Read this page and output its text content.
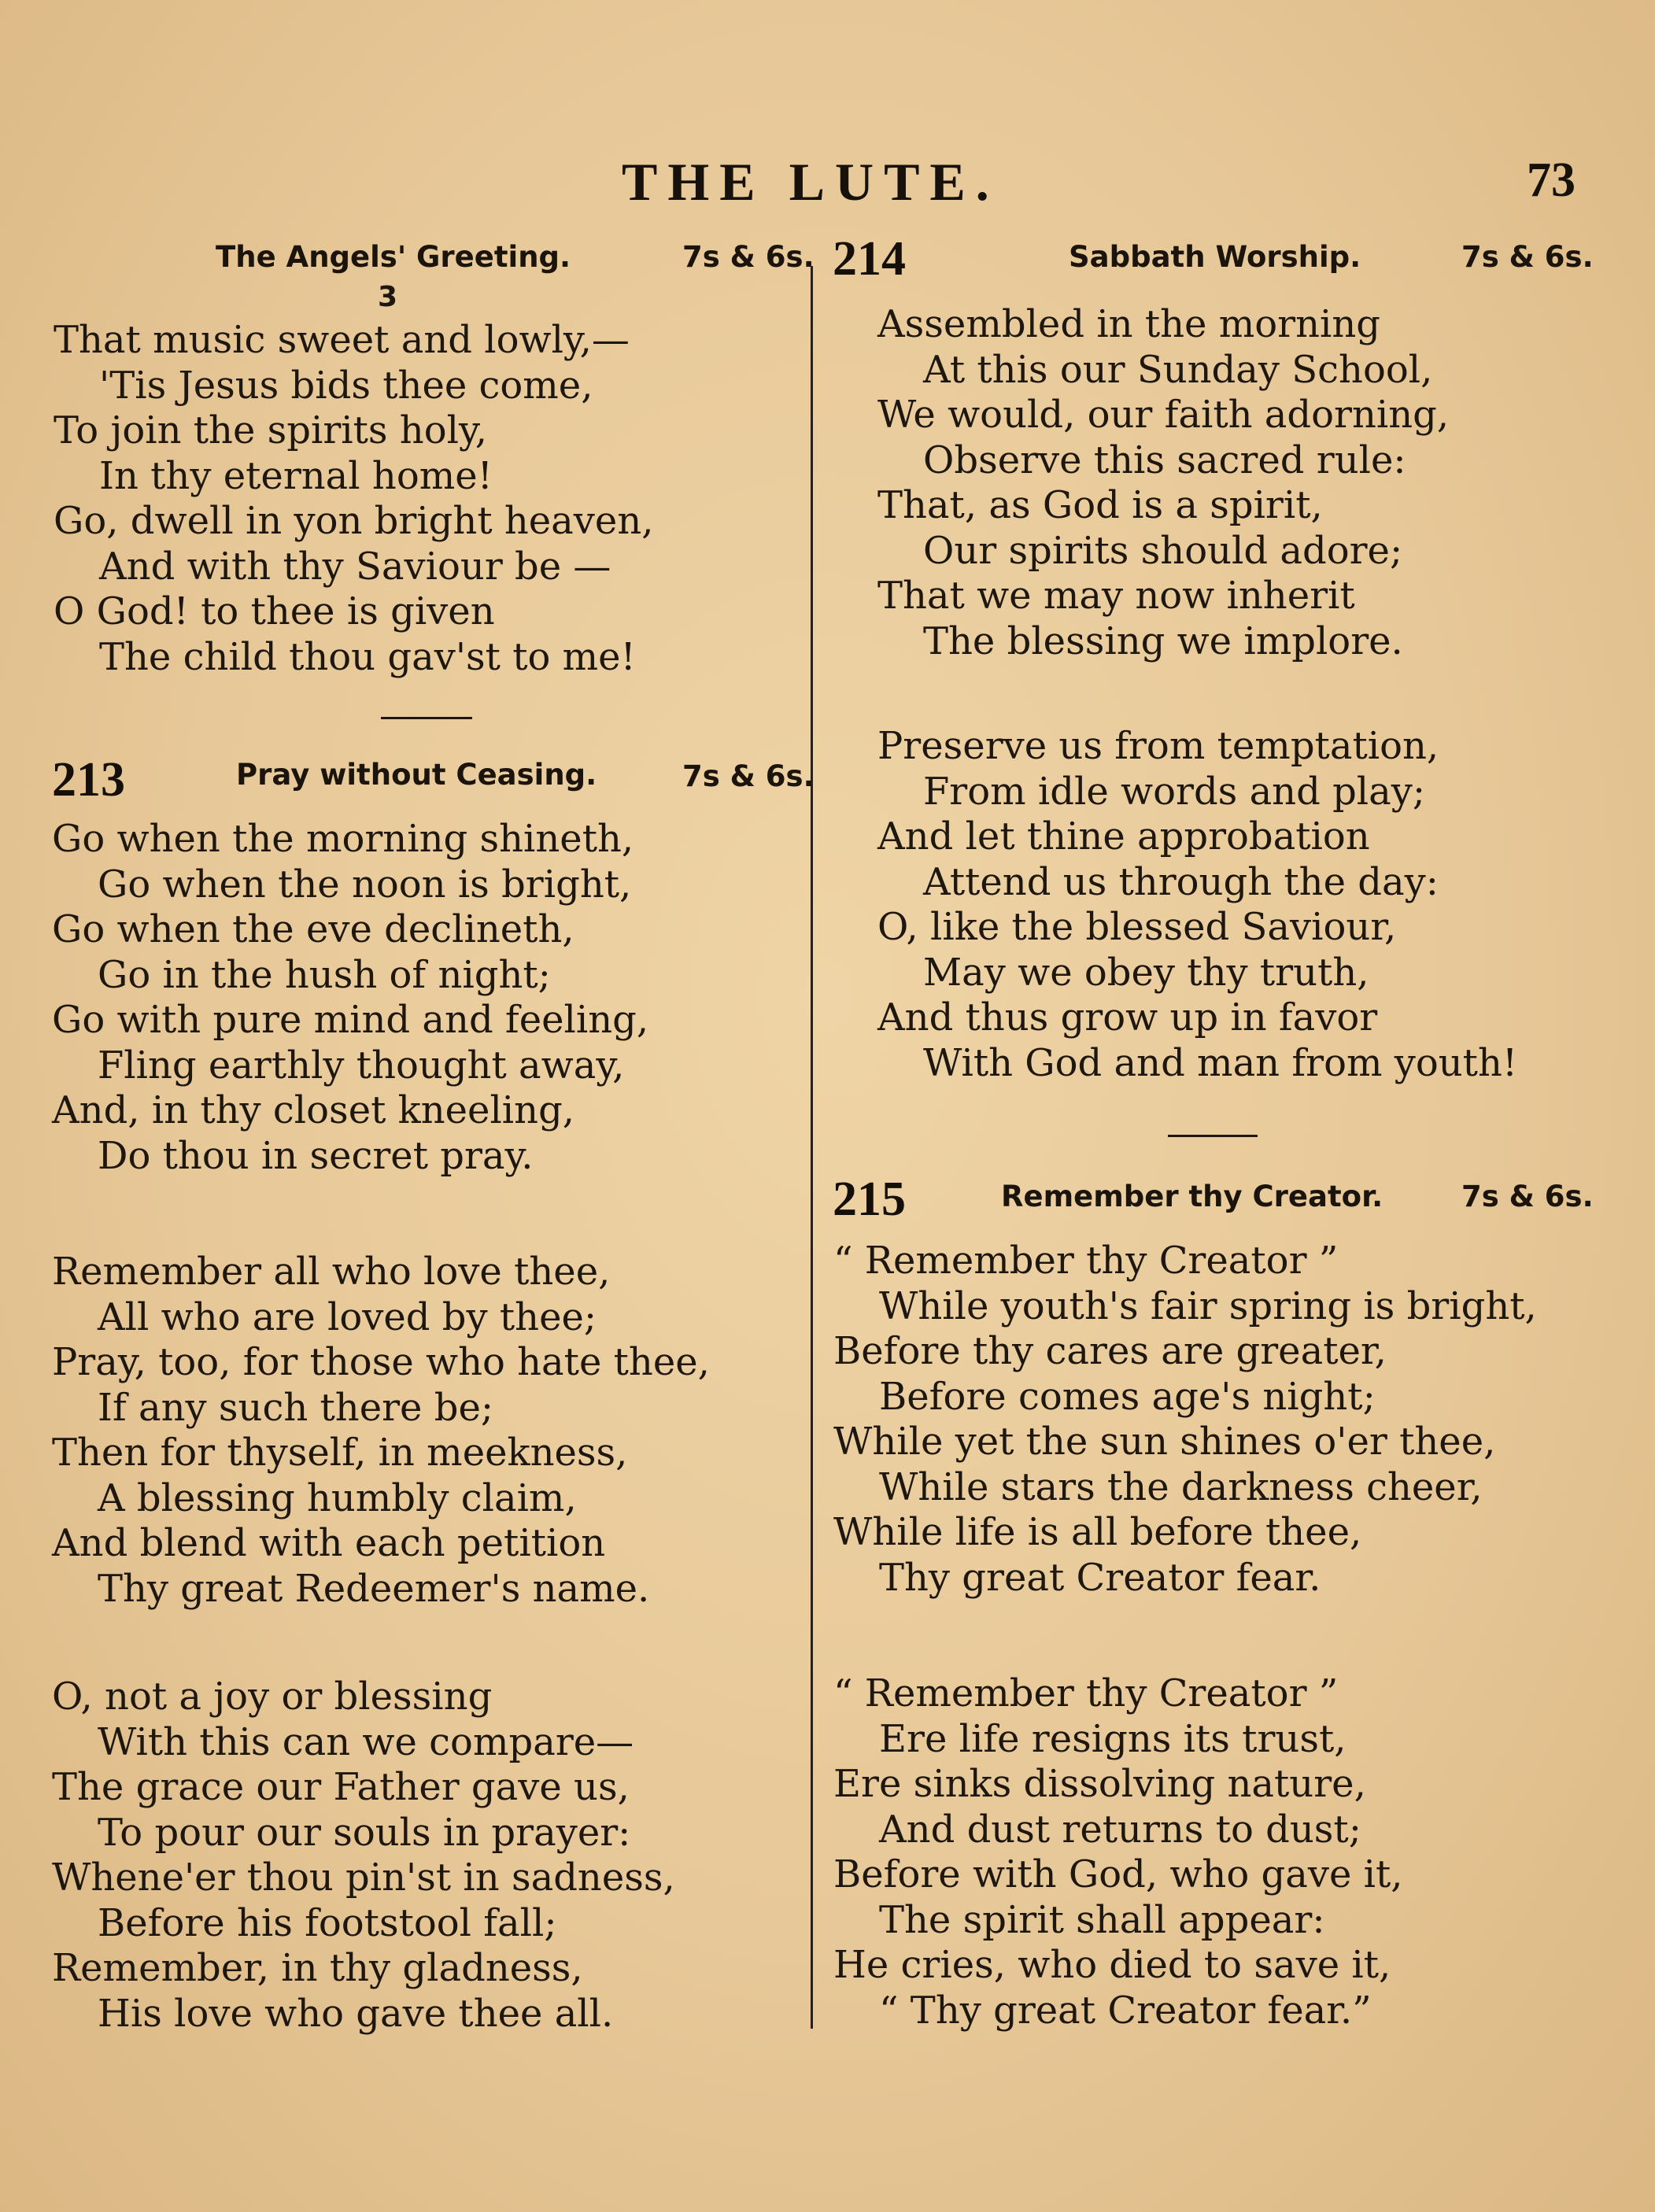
THE LUTE.	73
The Angels' Greeting.	7s & 6s.
3
That music sweet and lowly,—
'Tis Jesus bids thee come,
To join the spirits holy,
In thy eternal home!
Go, dwell in yon bright heaven,
And with thy Saviour be —
O God! to thee is given
The child thou gav'st to me!
213	Pray without Ceasing.	7s & 6s.
Go when the morning shineth,
Go when the noon is bright,
Go when the eve declineth,
Go in the hush of night;
Go with pure mind and feeling,
Fling earthly thought away,
And, in thy closet kneeling,
Do thou in secret pray.
Remember all who love thee,
All who are loved by thee;
Pray, too, for those who hate thee,
If any such there be;
Then for thyself, in meekness,
A blessing humbly claim,
And blend with each petition
Thy great Redeemer's name.
O, not a joy or blessing
With this can we compare—
The grace our Father gave us,
To pour our souls in prayer:
Whene'er thou pin'st in sadness,
Before his footstool fall;
Remember, in thy gladness,
His love who gave thee all.
214	Sabbath Worship.	7s & 6s.
Assembled in the morning
At this our Sunday School,
We would, our faith adorning,
Observe this sacred rule:
That, as God is a spirit,
Our spirits should adore;
That we may now inherit
The blessing we implore.
Preserve us from temptation,
From idle words and play;
And let thine approbation
Attend us through the day:
O, like the blessed Saviour,
May we obey thy truth,
And thus grow up in favor
With God and man from youth!
215	Remember thy Creator.	7s & 6s.
“ Remember thy Creator ”
While youth's fair spring is bright,
Before thy cares are greater,
Before comes age's night;
While yet the sun shines o'er thee,
While stars the darkness cheer,
While life is all before thee,
Thy great Creator fear.
“ Remember thy Creator ”
Ere life resigns its trust,
Ere sinks dissolving nature,
And dust returns to dust;
Before with God, who gave it,
The spirit shall appear:
He cries, who died to save it,
“ Thy great Creator fear.”
